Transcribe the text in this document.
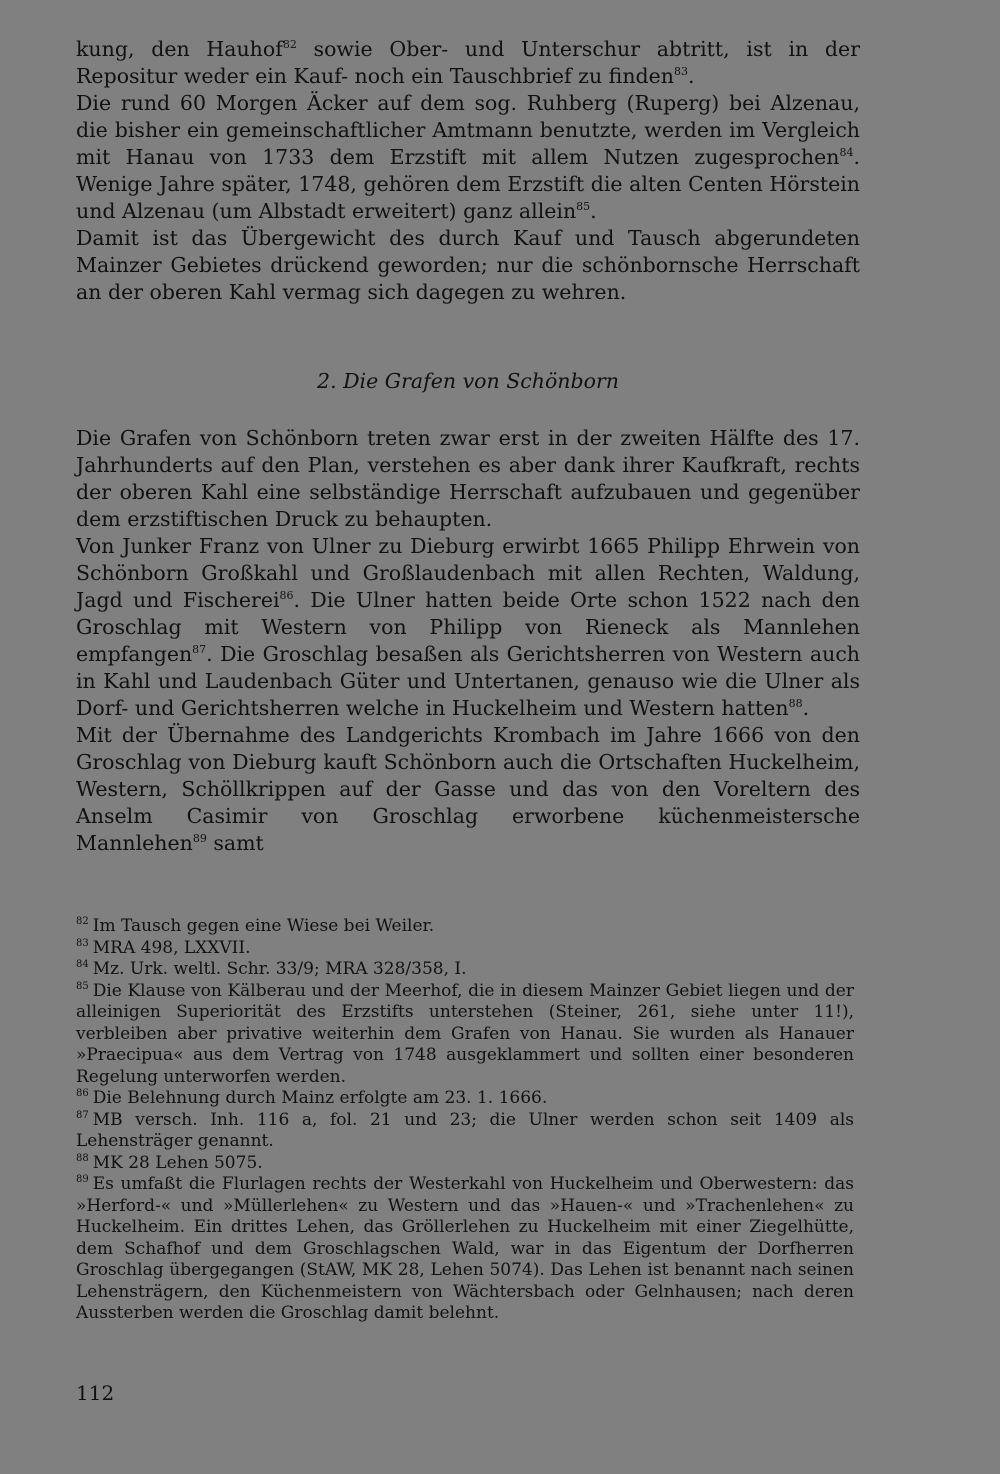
kung, den Hauhof$^{82}$ sowie Ober- und Unterschur abtritt, ist in der Repositur weder ein Kauf- noch ein Tauschbrief zu finden$^{83}$.

Die rund 60 Morgen Äcker auf dem sog. Ruhberg (Ruperg) bei Alzenau, die bisher ein gemeinschaftlicher Amtmann benutzte, werden im Vergleich mit Hanau von 1733 dem Erzstift mit allem Nutzen zugesprochen$^{84}$. Wenige Jahre später, 1748, gehören dem Erzstift die alten Centen Hörstein und Alzenau (um Albstadt erweitert) ganz allein$^{85}$.

Damit ist das Übergewicht des durch Kauf und Tausch abgerundeten Mainzer Gebietes drückend geworden; nur die schönbornsche Herrschaft an der oberen Kahl vermag sich dagegen zu wehren.

2. Die Grafen von Schönborn

Die Grafen von Schönborn treten zwar erst in der zweiten Hälfte des 17. Jahrhunderts auf den Plan, verstehen es aber dank ihrer Kaufkraft, rechts der oberen Kahl eine selbständige Herrschaft aufzubauen und gegenüber dem erzstiftischen Druck zu behaupten.

Von Junker Franz von Ulner zu Dieburg erwirbt 1665 Philipp Ehrwein von Schönborn Großkahl und Großlaudenbach mit allen Rechten, Waldung, Jagd und Fischerei$^{86}$. Die Ulner hatten beide Orte schon 1522 nach den Groschlag mit Western von Philipp von Rieneck als Mannlehen empfangen$^{87}$. Die Groschlag besaßen als Gerichtsherren von Western auch in Kahl und Laudenbach Güter und Untertanen, genauso wie die Ulner als Dorf- und Gerichtsherren welche in Huckelheim und Western hatten$^{88}$.

Mit der Übernahme des Landgerichts Krombach im Jahre 1666 von den Groschlag von Dieburg kauft Schönborn auch die Ortschaften Huckelheim, Western, Schöllkrippen auf der Gasse und das von den Voreltern des Anselm Casimir von Groschlag erworbene küchenmeistersche Mannlehen$^{89}$ samt

$^{82}$ Im Tausch gegen eine Wiese bei Weiler.

$^{83}$ MRA 498, LXXVII.

$^{84}$ Mz. Urk. weltl. Schr. 33/9; MRA 328/358, I.

$^{85}$ Die Klause von Kälberau und der Meerhof, die in diesem Mainzer Gebiet liegen und der alleinigen Superiorität des Erzstifts unterstehen (Steiner, 261, siehe unter 11!), verbleiben aber privative weiterhin dem Grafen von Hanau. Sie wurden als Hanauer »Praecipua« aus dem Vertrag von 1748 ausgeklammert und sollten einer besonderen Regelung unterworfen werden.

$^{86}$ Die Belehnung durch Mainz erfolgte am 23. 1. 1666.

$^{87}$ MB versch. Inh. 116 a, fol. 21 und 23; die Ulner werden schon seit 1409 als Lehensträger genannt.

$^{88}$ MK 28 Lehen 5075.

$^{89}$ Es umfaßt die Flurlagen rechts der Westerkahl von Huckelheim und Oberwestern: das »Herford-« und »Müllerlehen« zu Western und das »Hauen-« und »Trachenlehen« zu Huckelheim. Ein drittes Lehen, das Gröllerlehen zu Huckelheim mit einer Ziegelhütte, dem Schafhof und dem Groschlagschen Wald, war in das Eigentum der Dorfherren Groschlag übergegangen (StAW, MK 28, Lehen 5074). Das Lehen ist benannt nach seinen Lehensträgern, den Küchenmeistern von Wächtersbach oder Gelnhausen; nach deren Aussterben werden die Groschlag damit belehnt.

112
